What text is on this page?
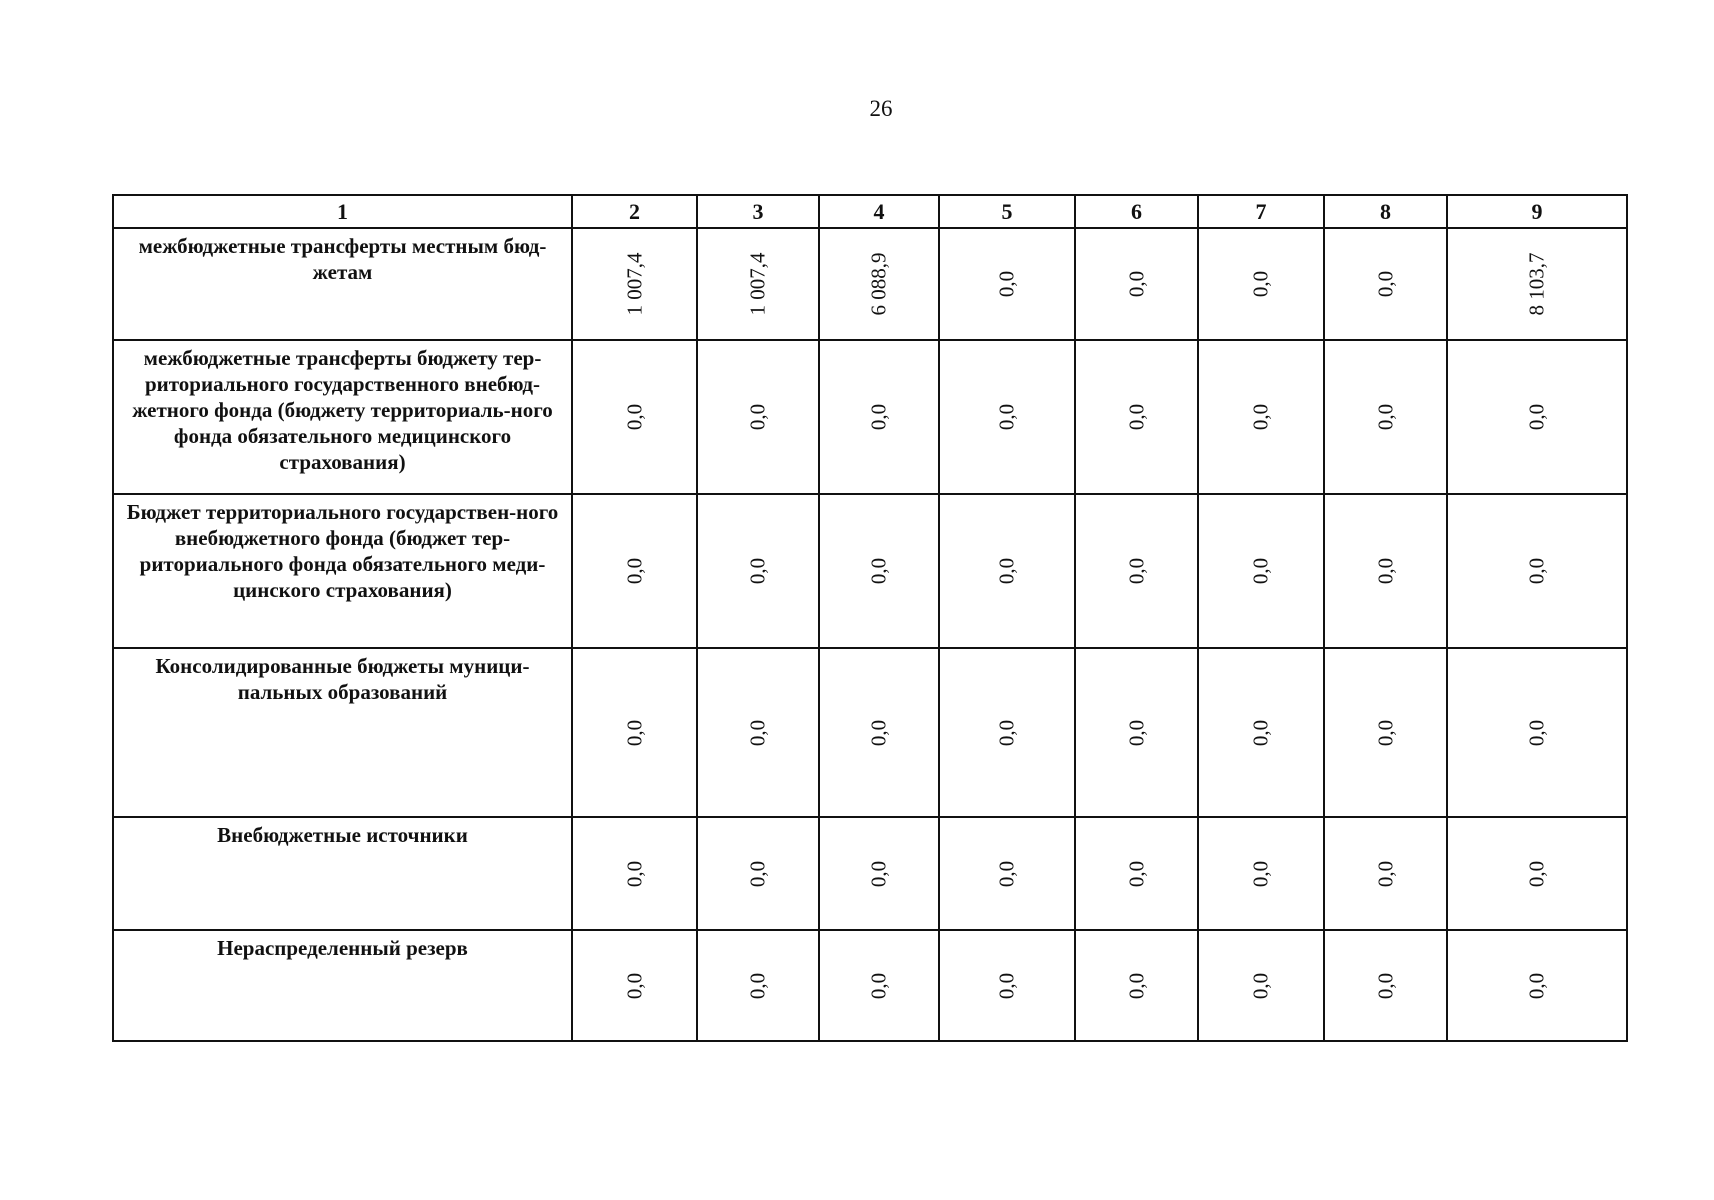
26
1	2	3	4	5	6	7	8	9
межбюджетные трансферты местным бюд-жетам	1 007,4	1 007,4	6 088,9	0,0	0,0	0,0	0,0	8 103,7

межбюджетные трансферты бюджету тер-риториального государственного внебюд-жетного фонда (бюджету территориаль-ного фонда обязательного медицинского страхования)	0,0	0,0	0,0	0,0	0,0	0,0	0,0	0,0

Бюджет территориального государствен-ного внебюджетного фонда (бюджет тер-риториального фонда обязательного меди-цинского страхования)	0,0	0,0	0,0	0,0	0,0	0,0	0,0	0,0

Консолидированные бюджеты муници-пальных образований	0,0	0,0	0,0	0,0	0,0	0,0	0,0	0,0

Внебюджетные источники	0,0	0,0	0,0	0,0	0,0	0,0	0,0	0,0

Нераспределенный резерв	0,0	0,0	0,0	0,0	0,0	0,0	0,0	0,0
